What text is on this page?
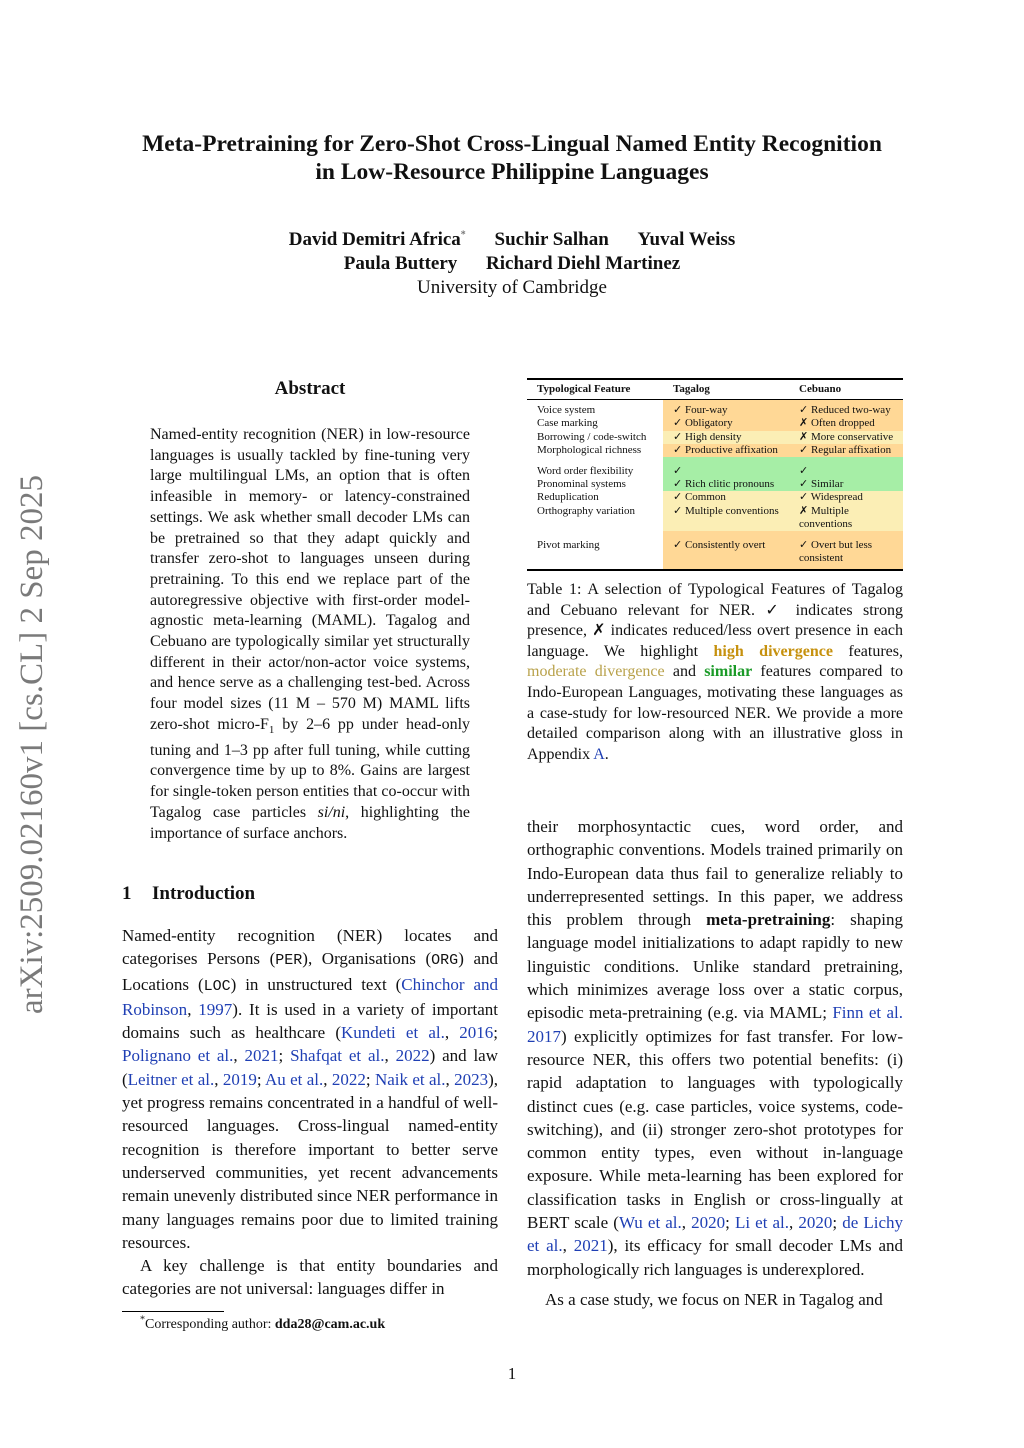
arXiv:2509.02160v1 [cs.CL] 2 Sep 2025
Meta-Pretraining for Zero-Shot Cross-Lingual Named Entity Recognition
in Low-Resource Philippine Languages
David Demitri Africa* Suchir Salhan Yuval Weiss
Paula Buttery Richard Diehl Martinez
University of Cambridge
Abstract
Named-entity recognition (NER) in low-resource languages is usually tackled by fine-tuning very large multilingual LMs, an option that is often infeasible in memory- or latency-constrained settings. We ask whether small decoder LMs can be pretrained so that they adapt quickly and transfer zero-shot to languages unseen during pretraining. To this end we replace part of the autoregressive objective with first-order model-agnostic meta-learning (MAML). Tagalog and Cebuano are typologically similar yet structurally different in their actor/non-actor voice systems, and hence serve as a challenging test-bed. Across four model sizes (11 M – 570 M) MAML lifts zero-shot micro-$F_1$ by 2–6 pp under head-only tuning and 1–3 pp after full tuning, while cutting convergence time by up to 8%. Gains are largest for single-token person entities that co-occur with Tagalog case particles si/ni, highlighting the importance of surface anchors.
1 Introduction

Named-entity recognition (NER) locates and categorises Persons (PER), Organisations (ORG) and Locations (LOC) in unstructured text (Chinchor and Robinson, 1997). It is used in a variety of important domains such as healthcare (Kundeti et al., 2016; Polignano et al., 2021; Shafqat et al., 2022) and law (Leitner et al., 2019; Au et al., 2022; Naik et al., 2023), yet progress remains concentrated in a handful of well-resourced languages. Cross-lingual named-entity recognition is therefore important to better serve underserved communities, yet recent advancements remain unevenly distributed since NER performance in many languages remains poor due to limited training resources.

A key challenge is that entity boundaries and categories are not universal: languages differ in

*Corresponding author: dda28@cam.ac.uk
Typological Feature	Tagalog	Cebuano
Voice system	✓ Four-way	✓ Reduced two-way
Case marking	✓ Obligatory	✗ Often dropped
Borrowing / code-switch	✓ High density	✗ More conservative
Morphological richness	✓ Productive affixation	✓ Regular affixation
Word order flexibility	✓	✓
Pronominal systems	✓ Rich clitic pronouns	✓ Similar
Reduplication	✓ Common	✓ Widespread
Orthography variation	✓ Multiple conventions	✗ Multiple conventions
Pivot marking	✓ Consistently overt	✓ Overt but less consistent
Table 1: A selection of Typological Features of Tagalog and Cebuano relevant for NER. ✓ indicates strong presence, ✗ indicates reduced/less overt presence in each language. We highlight high divergence features, moderate divergence and similar features compared to Indo-European Languages, motivating these languages as a case-study for low-resourced NER. We provide a more detailed comparison along with an illustrative gloss in Appendix A.

their morphosyntactic cues, word order, and orthographic conventions. Models trained primarily on Indo-European data thus fail to generalize reliably to underrepresented settings. In this paper, we address this problem through meta-pretraining: shaping language model initializations to adapt rapidly to new linguistic conditions. Unlike standard pretraining, which minimizes average loss over a static corpus, episodic meta-pretraining (e.g. via MAML; Finn et al. 2017) explicitly optimizes for fast transfer. For low-resource NER, this offers two potential benefits: (i) rapid adaptation to languages with typologically distinct cues (e.g. case particles, voice systems, code-switching), and (ii) stronger zero-shot prototypes for common entity types, even without in-language exposure. While meta-learning has been explored for classification tasks in English or cross-lingually at BERT scale (Wu et al., 2020; Li et al., 2020; de Lichy et al., 2021), its efficacy for small decoder LMs and morphologically rich languages is underexplored.

As a case study, we focus on NER in Tagalog and

1
